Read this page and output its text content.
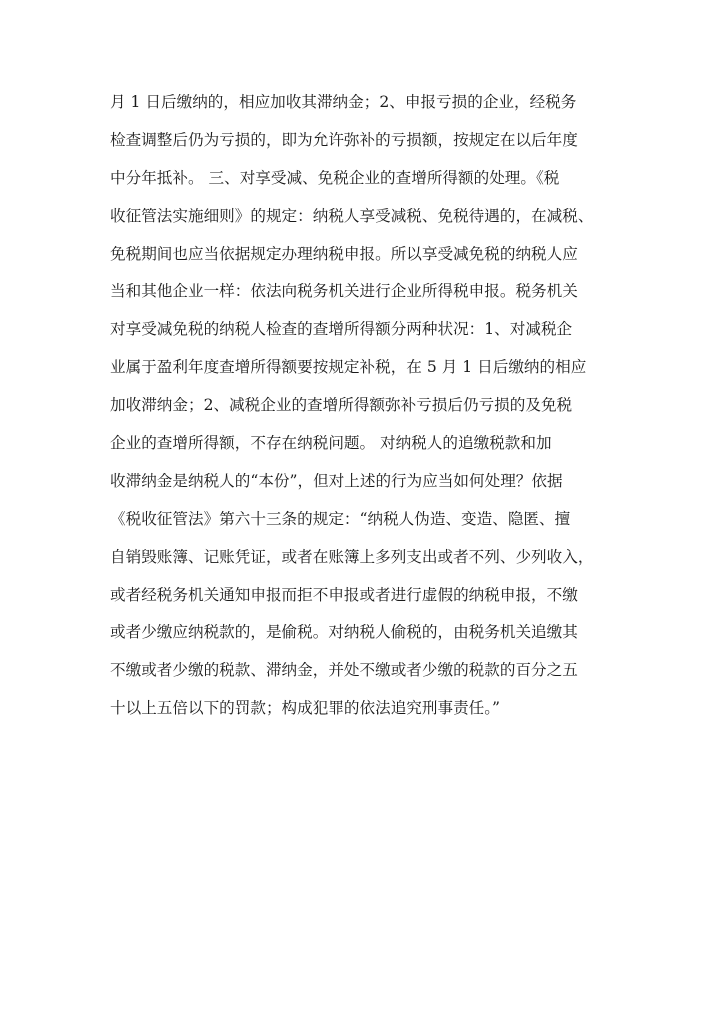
月 1 日后缴纳的，相应加收其滞纳金；2、申报亏损的企业，经税务
检查调整后仍为亏损的，即为允许弥补的亏损额，按规定在以后年度
中分年抵补。 三、对享受减、免税企业的查增所得额的处理。《税
收征管法实施细则》的规定：纳税人享受减税、免税待遇的，在减税、
免税期间也应当依据规定办理纳税申报。所以享受减免税的纳税人应
当和其他企业一样：依法向税务机关进行企业所得税申报。税务机关
对享受减免税的纳税人检查的查增所得额分两种状况：1、对减税企
业属于盈利年度查增所得额要按规定补税，在 5 月 1 日后缴纳的相应
加收滞纳金；2、减税企业的查增所得额弥补亏损后仍亏损的及免税
企业的查增所得额，不存在纳税问题。 对纳税人的追缴税款和加
收滞纳金是纳税人的“本份”，但对上述的行为应当如何处理？依据
《税收征管法》第六十三条的规定：“纳税人伪造、变造、隐匿、擅
自销毁账簿、记账凭证，或者在账簿上多列支出或者不列、少列收入，
或者经税务机关通知申报而拒不申报或者进行虚假的纳税申报，不缴
或者少缴应纳税款的，是偷税。对纳税人偷税的，由税务机关追缴其
不缴或者少缴的税款、滞纳金，并处不缴或者少缴的税款的百分之五
十以上五倍以下的罚款；构成犯罪的依法追究刑事责任。”
